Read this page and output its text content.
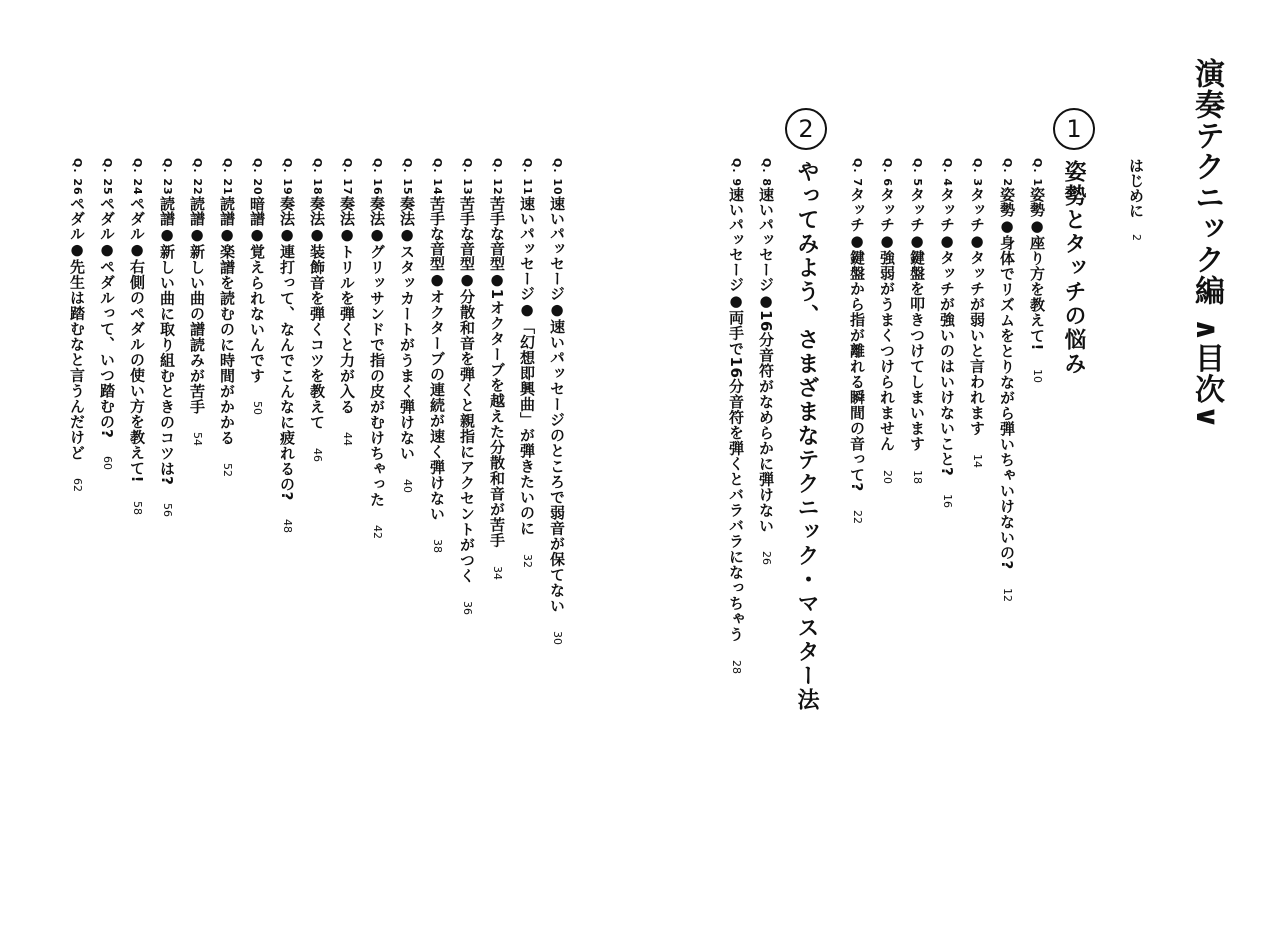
演奏テクニック編 ∧目次∨
1
姿勢とタッチの悩み	はじめに2
2
やってみよう、さまざまなテクニック・マスター法	Q. 1姿勢●座り方を教えて!10
Q. 2姿勢●身体でリズムをとりながら弾いちゃいけないの?12
Q. 3タッチ●タッチが弱いと言われます14
Q. 4タッチ●タッチが強いのはいけないこと?16
Q. 5タッチ●鍵盤を叩きつけてしまいます18
Q. 6タッチ●強弱がうまくつけられません20
Q. 7タッチ●鍵盤から指が離れる瞬間の音って?22
Q. 8速いパッセージ●16分音符がなめらかに弾けない26
Q. 9速いパッセージ●両手で16分音符を弾くとバラバラになっちゃう28
Q. 10速いパッセージ●速いパッセージのところで弱音が保てない30
Q. 11速いパッセージ●「幻想即興曲」が弾きたいのに32
Q. 12苦手な音型●1オクターブを越えた分散和音が苦手34
Q. 13苦手な音型●分散和音を弾くと親指にアクセントがつく36
Q. 14苦手な音型●オクターブの連続が速く弾けない38
Q. 15奏法●スタッカートがうまく弾けない40
Q. 16奏法●グリッサンドで指の皮がむけちゃった42
Q. 17奏法●トリルを弾くと力が入る44
Q. 18奏法●装飾音を弾くコツを教えて46
Q. 19奏法●連打って、なんでこんなに疲れるの?48
Q. 20暗譜●覚えられないんです50
Q. 21読譜●楽譜を読むのに時間がかかる52
Q. 22読譜●新しい曲の譜読みが苦手54
Q. 23読譜●新しい曲に取り組むときのコツは?56
Q. 24ペダル●右側のペダルの使い方を教えて!58
Q. 25ペダル●ペダルって、いつ踏むの?60
Q. 26ペダル●先生は踏むなと言うんだけど62
